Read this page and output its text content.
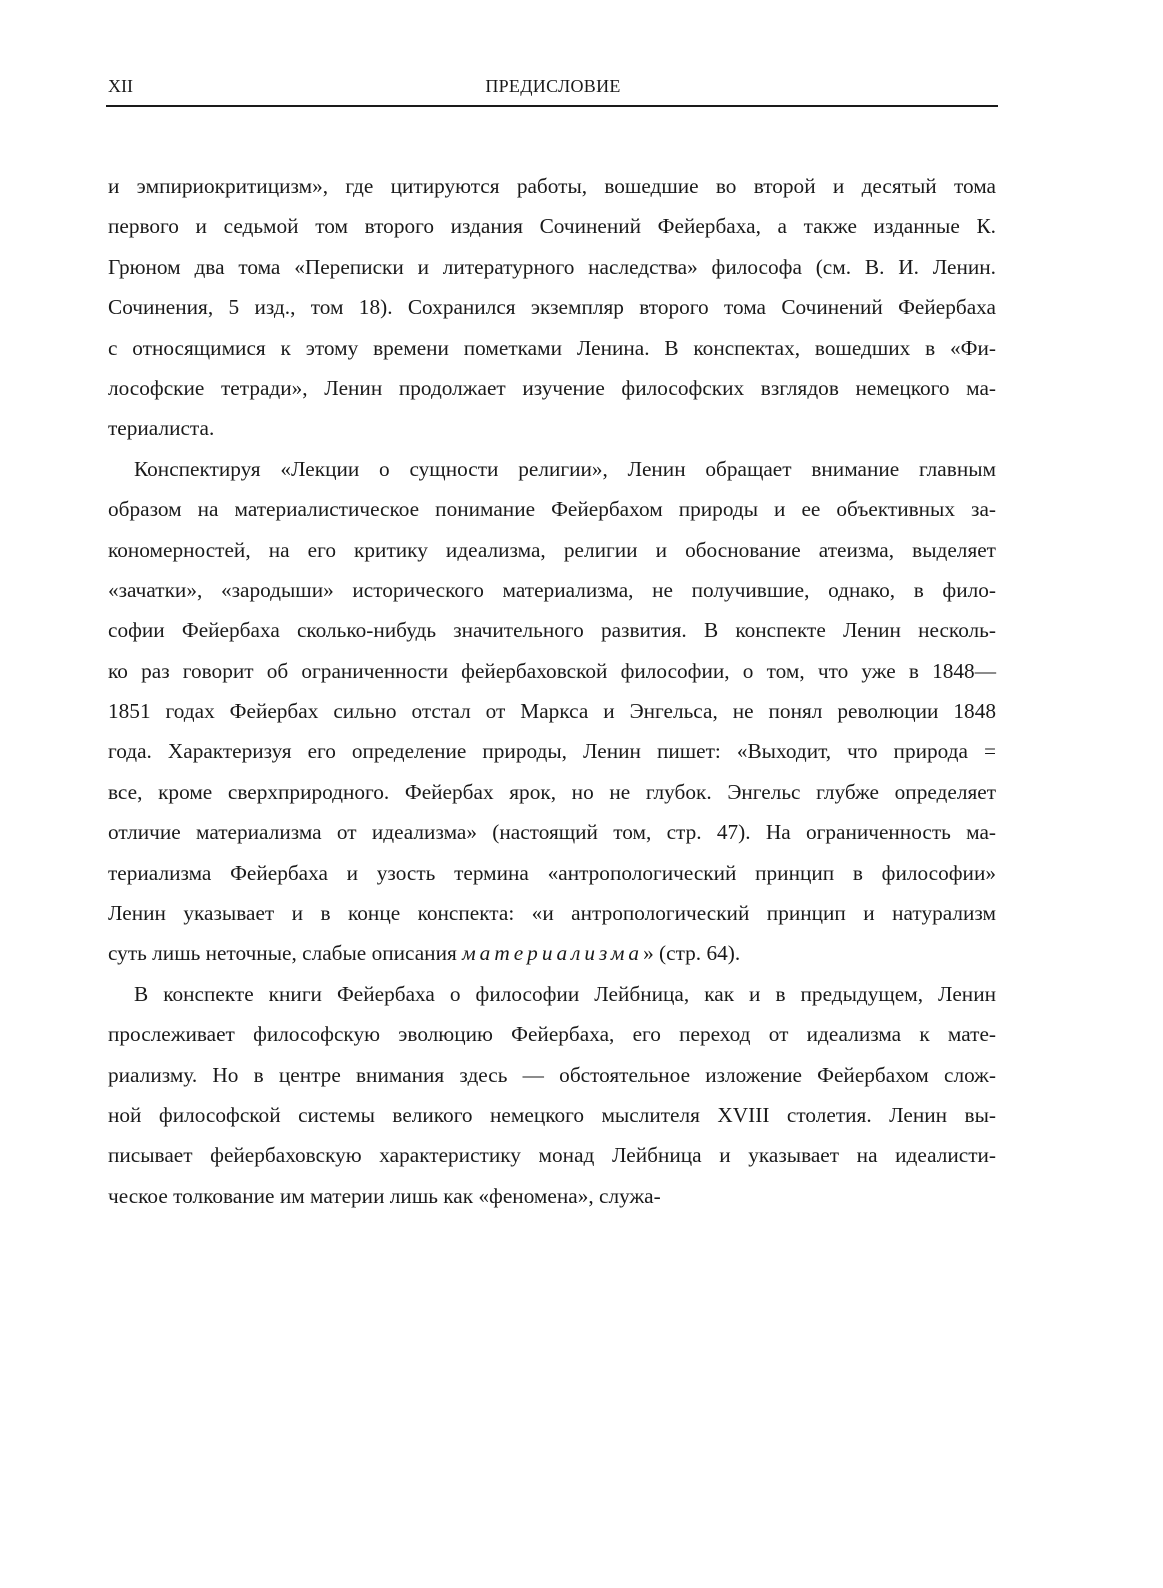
XII	ПРЕДИСЛОВИЕ
и эмпириокритицизм», где цитируются работы, вошедшие во второй и десятый тома
первого и седьмой том второго издания Сочинений Фейербаха, а также изданные К.
Грюном два тома «Переписки и литературного наследства» философа (см. В. И. Ленин.
Сочинения, 5 изд., том 18). Сохранился экземпляр второго тома Сочинений Фейербаха
с относящимися к этому времени пометками Ленина. В конспектах, вошедших в «Фи-
лософские тетради», Ленин продолжает изучение философских взглядов немецкого ма-
териалиста.
Конспектируя «Лекции о сущности религии», Ленин обращает внимание главным
образом на материалистическое понимание Фейербахом природы и ее объективных за-
кономерностей, на его критику идеализма, религии и обоснование атеизма, выделяет
«зачатки», «зародыши» исторического материализма, не получившие, однако, в фило-
софии Фейербаха сколько-нибудь значительного развития. В конспекте Ленин несколь-
ко раз говорит об ограниченности фейербаховской философии, о том, что уже в 1848—
1851 годах Фейербах сильно отстал от Маркса и Энгельса, не понял революции 1848
года. Характеризуя его определение природы, Ленин пишет: «Выходит, что природа =
все, кроме сверхприродного. Фейербах ярок, но не глубок. Энгельс глубже определяет
отличие материализма от идеализма» (настоящий том, стр. 47). На ограниченность ма-
териализма Фейербаха и узость термина «антропологический принцип в философии»
Ленин указывает и в конце конспекта: «и антропологический принцип и натурализм
суть лишь неточные, слабые описания материализма» (стр. 64).
В конспекте книги Фейербаха о философии Лейбница, как и в предыдущем, Ленин
прослеживает философскую эволюцию Фейербаха, его переход от идеализма к мате-
риализму. Но в центре внимания здесь — обстоятельное изложение Фейербахом слож-
ной философской системы великого немецкого мыслителя XVIII столетия. Ленин вы-
писывает фейербаховскую характеристику монад Лейбница и указывает на идеалисти-
ческое толкование им материи лишь как «феномена», служа-
